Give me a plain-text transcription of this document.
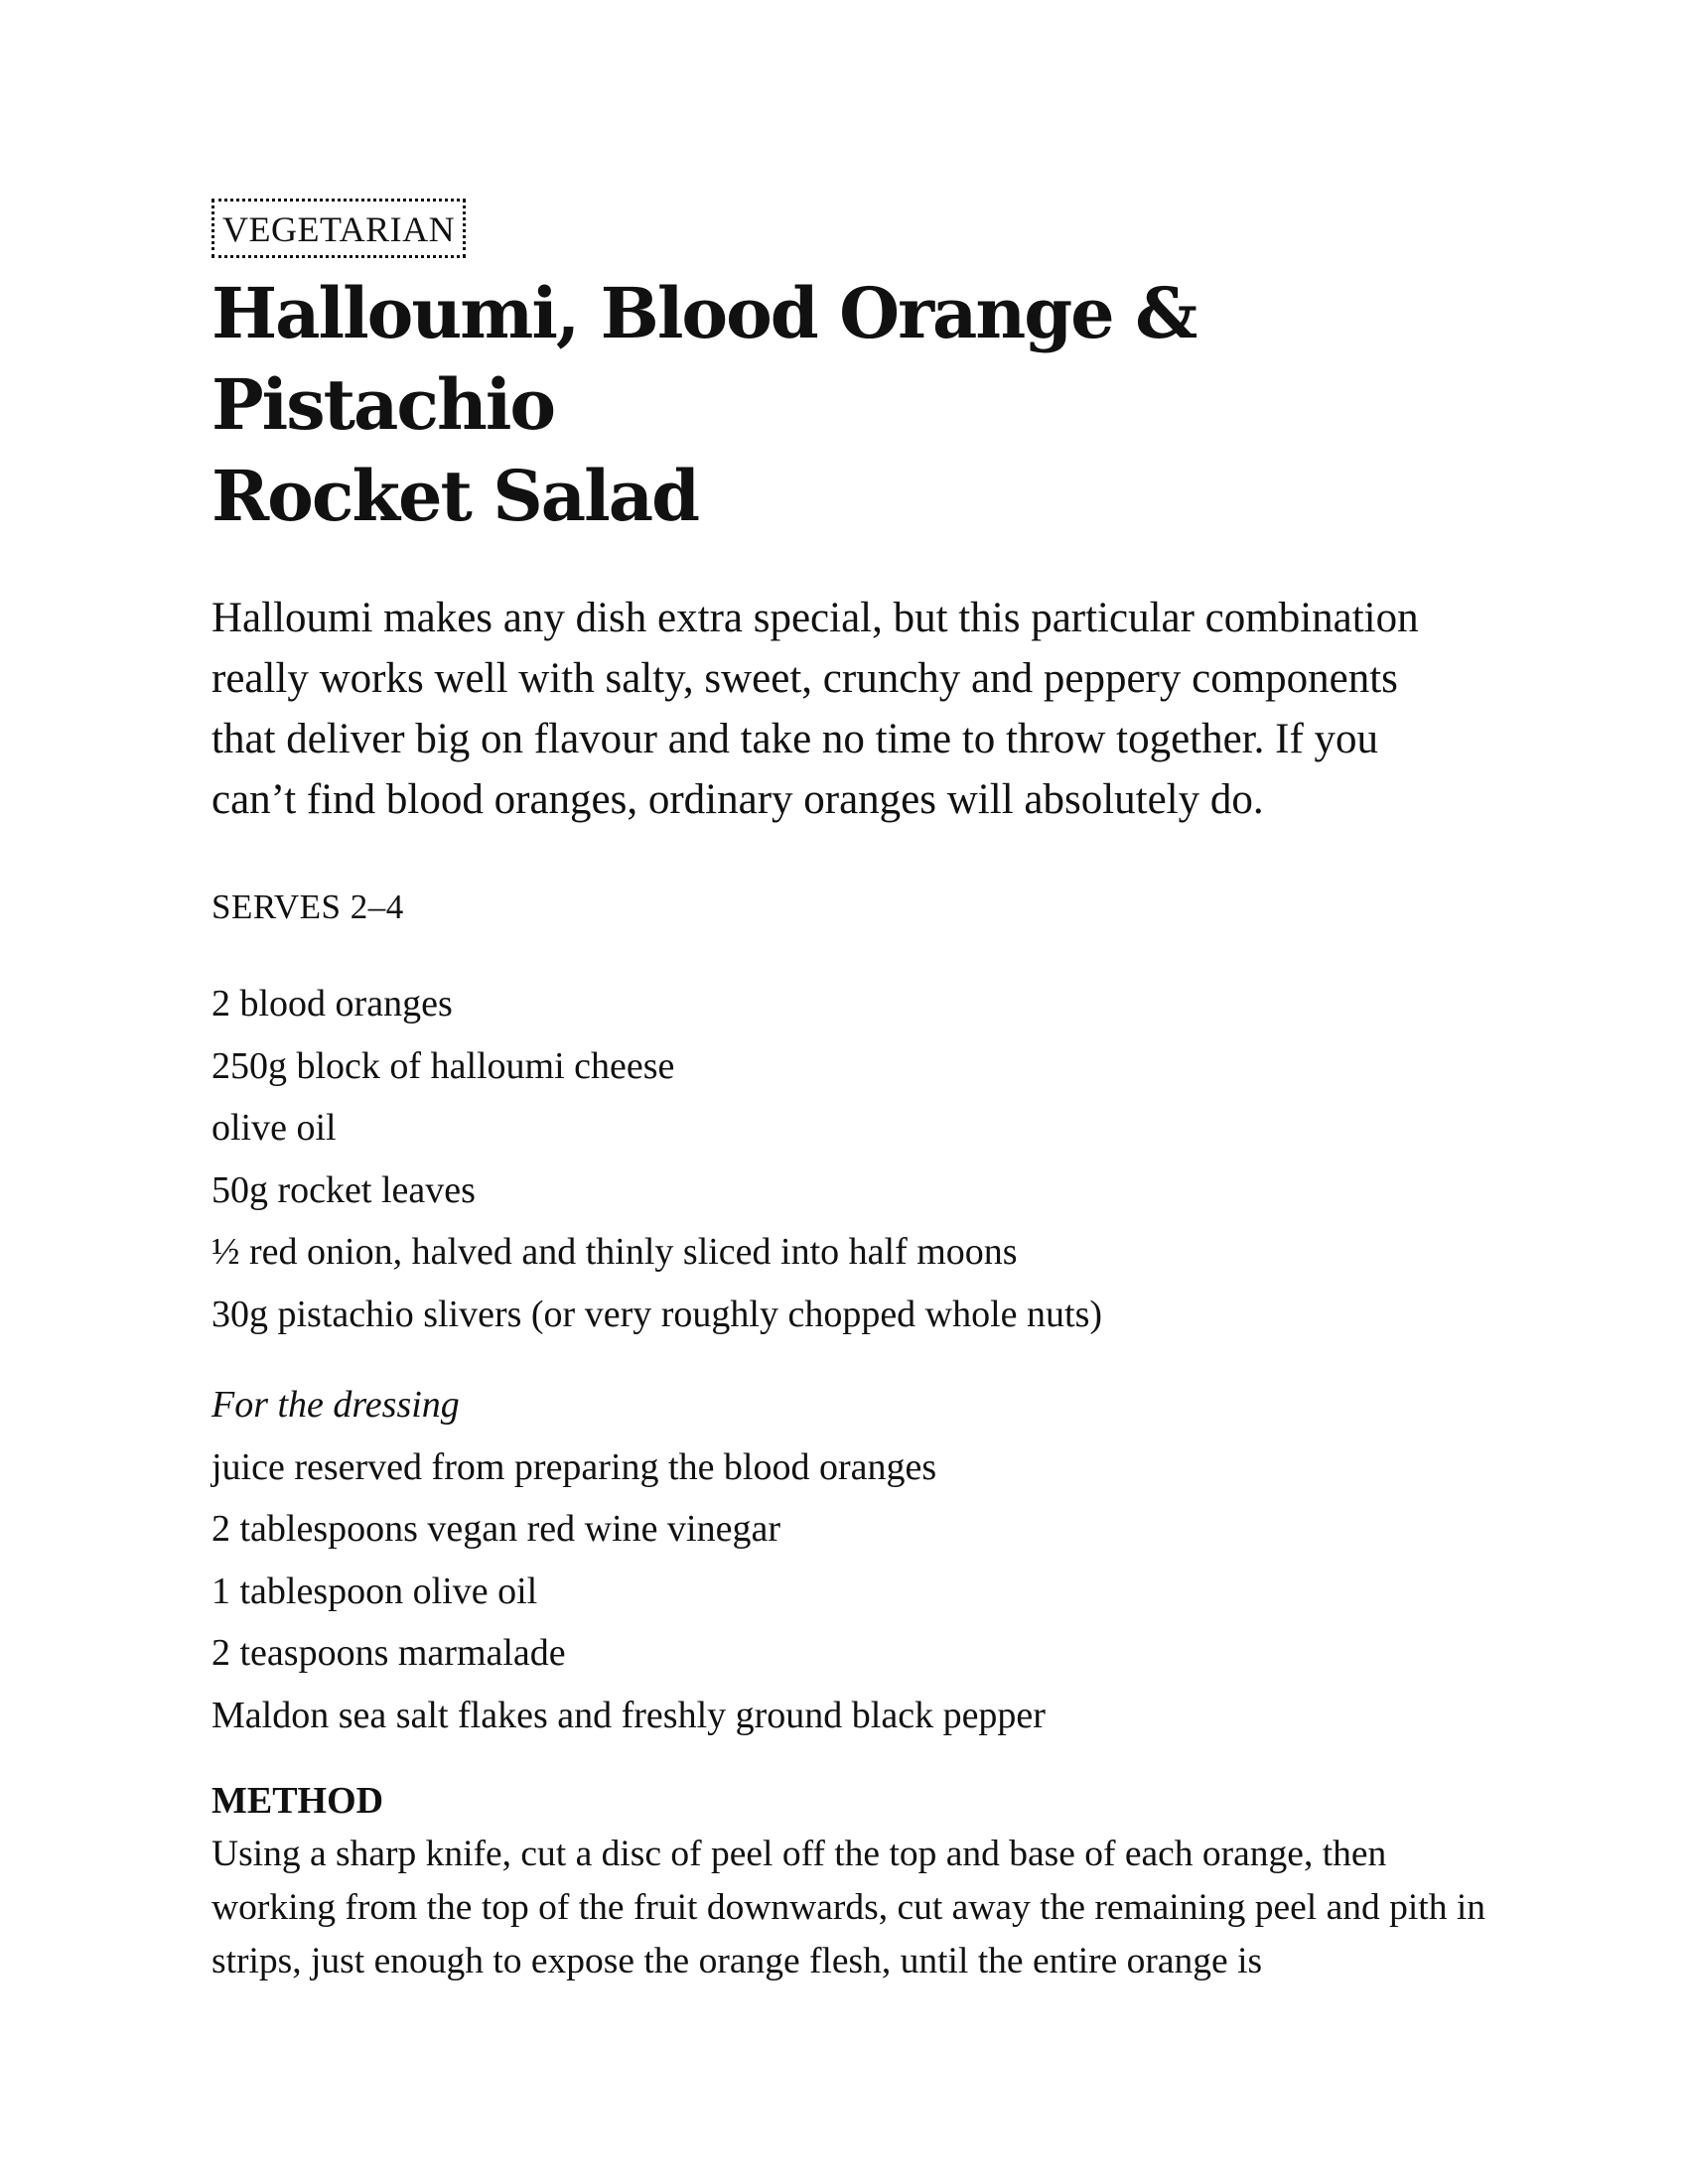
VEGETARIAN
Halloumi, Blood Orange & Pistachio
Rocket Salad

Halloumi makes any dish extra special, but this particular combination really works well with salty, sweet, crunchy and peppery components that deliver big on flavour and take no time to throw together. If you can’t find blood oranges, ordinary oranges will absolutely do.

SERVES 2–4
2 blood oranges
250g block of halloumi cheese
olive oil
50g rocket leaves
½ red onion, halved and thinly sliced into half moons
30g pistachio slivers (or very roughly chopped whole nuts)
For the dressing
juice reserved from preparing the blood oranges
2 tablespoons vegan red wine vinegar
1 tablespoon olive oil
2 teaspoons marmalade
Maldon sea salt flakes and freshly ground black pepper
METHOD

Using a sharp knife, cut a disc of peel off the top and base of each orange, then working from the top of the fruit downwards, cut away the remaining peel and pith in strips, just enough to expose the orange flesh, until the entire orange is
